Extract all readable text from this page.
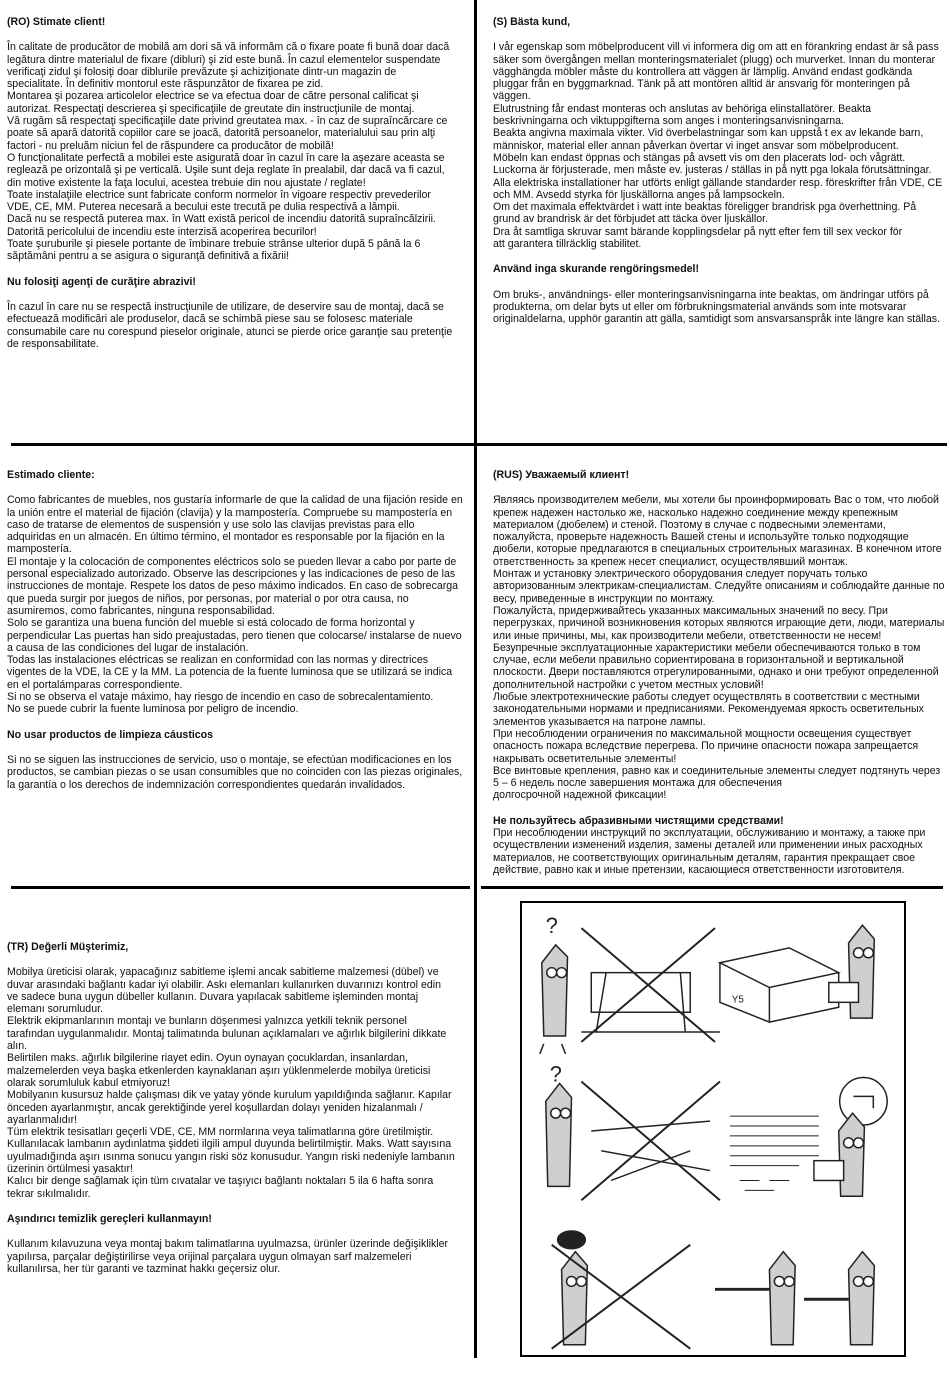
(RO) Stimate client!

În calitate de producător de mobilă am dori să vă informăm că o fixare poate fi bună doar dacă legătura dintre materialul de fixare (dibluri) şi zid este bună. În cazul elementelor suspendate verificaţi zidul şi folosiţi doar diblurile prevăzute şi achiziţionate dintr-un magazin de specialitate. În definitiv montorul este răspunzător de fixarea pe zid.
Montarea şi pozarea articolelor electrice se va efectua doar de către personal calificat şi autorizat. Respectaţi descrierea şi specificaţiile de greutate din instrucţiunile de montaj.
Vă rugăm să respectaţi specificaţiile date privind greutatea max. - în caz de supraîncărcare ce poate să apară datorită copiilor care se joacă, datorită persoanelor, materialului sau prin alţi factori - nu preluăm niciun fel de răspundere ca producător de mobilă!
O funcţionalitate perfectă a mobilei este asigurată doar în cazul în care la aşezare aceasta se reglează pe orizontală şi pe verticală. Uşile sunt deja reglate în prealabil, dar dacă va fi cazul, din motive existente la faţa locului, acestea trebuie din nou ajustate / reglate!
Toate instalaţiile electrice sunt fabricate conform normelor în vigoare respectiv prevederilor VDE, CE, MM. Puterea necesară a becului este trecută pe dulia respectivă a lămpii.
Dacă nu se respectă puterea max. în Watt există pericol de incendiu datorită supraîncălzirii. Datorită pericolului de incendiu este interzisă acoperirea becurilor!
Toate şuruburile şi piesele portante de îmbinare trebuie strânse ulterior după 5 până la 6 săptămâni pentru a se asigura o siguranţă definitivă a fixării!

Nu folosiţi agenţi de curăţire abrazivi!

În cazul în care nu se respectă instrucţiunile de utilizare, de deservire sau de montaj, dacă se efectuează modificări ale produselor, dacă se schimbă piese sau se folosesc materiale consumabile care nu corespund pieselor originale, atunci se pierde orice garanţie sau pretenţie de responsabilitate.

(S) Bästa kund,

I vår egenskap som möbelproducent vill vi informera dig om att en förankring endast är så pass säker som övergången mellan monteringsmaterialet (plugg) och murverket. Innan du monterar vägghängda möbler måste du kontrollera att väggen är lämplig. Använd endast godkända pluggar från en byggmarknad. Tänk på att montören alltid är ansvarig för monteringen på väggen.
Elutrustning får endast monteras och anslutas av behöriga elinstallatörer. Beakta beskrivningarna och viktuppgifterna som anges i monteringsanvisningarna.
Beakta angivna maximala vikter. Vid överbelastningar som kan uppstå t ex av lekande barn, människor, material eller annan påverkan övertar vi inget ansvar som möbelproducent.
Möbeln kan endast öppnas och stängas på avsett vis om den placerats lod- och vågrätt.
Luckorna är förjusterade, men måste ev. justeras / ställas in på nytt pga lokala förutsättningar.
Alla elektriska installationer har utförts enligt gällande standarder resp. föreskrifter från VDE, CE och MM. Avsedd styrka för ljuskällorna anges på lampsockeln.
Om det maximala effektvärdet i watt inte beaktas föreligger brandrisk pga överhettning. På grund av brandrisk är det förbjudet att täcka över ljuskällor.
Dra åt samtliga skruvar samt bärande kopplingsdelar på nytt efter fem till sex veckor för
att garantera tillräcklig stabilitet.

Använd inga skurande rengöringsmedel!

Om bruks-, användnings- eller monteringsanvisningarna inte beaktas, om ändringar utförs på produkterna, om delar byts ut eller om förbrukningsmaterial används som inte motsvarar originaldelarna, upphör garantin att gälla, samtidigt som ansvarsanspråk inte längre kan ställas.

Estimado cliente:

Como fabricantes de muebles, nos gustaría informarle de que la calidad de una fijación reside en la unión entre el material de fijación (clavija) y la mampostería. Compruebe su mampostería en caso de tratarse de elementos de suspensión y use solo las clavijas previstas para ello adquiridas en un almacén. En último término, el montador es responsable por la fijación en la mampostería.
El montaje y la colocación de componentes eléctricos solo se pueden llevar a cabo por parte de personal especializado autorizado. Observe las descripciones y las indicaciones de peso de las instrucciones de montaje. Respete los datos de peso máximo indicados. En caso de sobrecarga que pueda surgir por juegos de niños, por personas, por material o por otra causa, no asumiremos, como fabricantes, ninguna responsabilidad.
Solo se garantiza una buena función del mueble si está colocado de forma horizontal y perpendicular Las puertas han sido preajustadas, pero tienen que colocarse/ instalarse de nuevo a causa de las condiciones del lugar de instalación.
Todas las instalaciones eléctricas se realizan en conformidad con las normas y directrices vigentes de la VDE, la CE y la MM. La potencia de la fuente luminosa que se utilizará se indica en el portalámparas correspondiente.
Si no se observa el vataje máximo, hay riesgo de incendio en caso de sobrecalentamiento.
No se puede cubrir la fuente luminosa por peligro de incendio.

No usar productos de limpieza cáusticos

Si no se siguen las instrucciones de servicio, uso o montaje, se efectúan modificaciones en los productos, se cambian piezas o se usan consumibles que no coinciden con las piezas originales, la garantía o los derechos de indemnización correspondientes quedarán invalidados.

(RUS) Уважаемый клиент!

Являясь производителем мебели, мы хотели бы проинформировать Вас о том, что любой крепеж надежен настолько же, насколько надежно соединение между крепежным материалом (дюбелем) и стеной. Поэтому в случае с подвесными элементами, пожалуйста, проверьте надежность Вашей стены и используйте только подходящие дюбели, которые предлагаются в специальных строительных магазинах. В конечном итоге ответственность за крепеж несет специалист, осуществлявший монтаж.
Монтаж и установку электрического оборудования следует поручать только авторизованным электрикам-специалистам. Следуйте описаниям и соблюдайте данные по весу, приведенные в инструкции по монтажу.
Пожалуйста, придерживайтесь указанных максимальных значений по весу. При перегрузках, причиной возникновения которых являются играющие дети, люди, материалы или иные причины, мы, как производители мебели, ответственности не несем!
Безупречные эксплуатационные характеристики мебели обеспечиваются только в том случае, если мебели правильно сориентирована в горизонтальной и вертикальной плоскости. Двери поставляются отрегулированными, однако и они требуют определенной дополнительной настройки с учетом местных условий!
Любые электротехнические работы следует осуществлять в соответствии с местными законодательными нормами и предписаниями. Рекомендуемая яркость осветительных элементов указывается на патроне лампы.
При несоблюдении ограничения по максимальной мощности освещения существует опасность пожара вследствие перегрева. По причине опасности пожара запрещается накрывать осветительные элементы!
Все винтовые крепления, равно как и соединительные элементы следует подтянуть через 5 – 6 недель после завершения монтажа для обеспечения
долгосрочной надежной фиксации!

Не пользуйтесь абразивными чистящими средствами!

При несоблюдении инструкций по эксплуатации, обслуживанию и монтажу, а также при осуществлении изменений изделия, замены деталей или применении иных расходных материалов, не соответствующих оригинальным деталям, гарантия прекращает свое действие, равно как и иные претензии, касающиеся ответственности изготовителя.

(TR) Değerli Müşterimiz,

Mobilya üreticisi olarak, yapacağınız sabitleme işlemi ancak sabitleme malzemesi (dübel) ve duvar arasındaki bağlantı kadar iyi olabilir. Askı elemanları kullanırken duvarınızı kontrol edin ve sadece buna uygun dübeller kullanın. Duvara yapılacak sabitleme işleminden montaj elemanı sorumludur.
Elektrik ekipmanlarının montajı ve bunların döşenmesi yalnızca yetkili teknik personel tarafından uygulanmalıdır. Montaj talimatında bulunan açıklamaları ve ağırlık bilgilerini dikkate alın.
Belirtilen maks. ağırlık bilgilerine riayet edin. Oyun oynayan çocuklardan, insanlardan, malzemelerden veya başka etkenlerden kaynaklanan aşırı yüklenmelerde mobilya üreticisi olarak sorumluluk kabul etmiyoruz!
Mobilyanın kusursuz halde çalışması dik ve yatay yönde kurulum yapıldığında sağlanır. Kapılar önceden ayarlanmıştır, ancak gerektiğinde yerel koşullardan dolayı yeniden hizalanmalı / ayarlanmalıdır!
Tüm elektrik tesisatları geçerli VDE, CE, MM normlarına veya talimatlarına göre üretilmiştir. Kullanılacak lambanın aydınlatma şiddeti ilgili ampul duyunda belirtilmiştir. Maks. Watt sayısına uyulmadığında aşırı ısınma sonucu yangın riski söz konusudur. Yangın riski nedeniyle lambanın üzerinin örtülmesi yasaktır!
Kalıcı bir denge sağlamak için tüm cıvatalar ve taşıyıcı bağlantı noktaları 5 ila 6 hafta sonra tekrar sıkılmalıdır.

Aşındırıcı temizlik gereçleri kullanmayın!

Kullanım kılavuzuna veya montaj bakım talimatlarına uyulmazsa, ürünler üzerinde değişiklikler yapılırsa, parçalar değiştirilirse veya orijinal parçalara uygun olmayan sarf malzemeleri kullanılırsa, her tür garanti ve tazminat hakkı geçersiz olur.

?
Y5
?
